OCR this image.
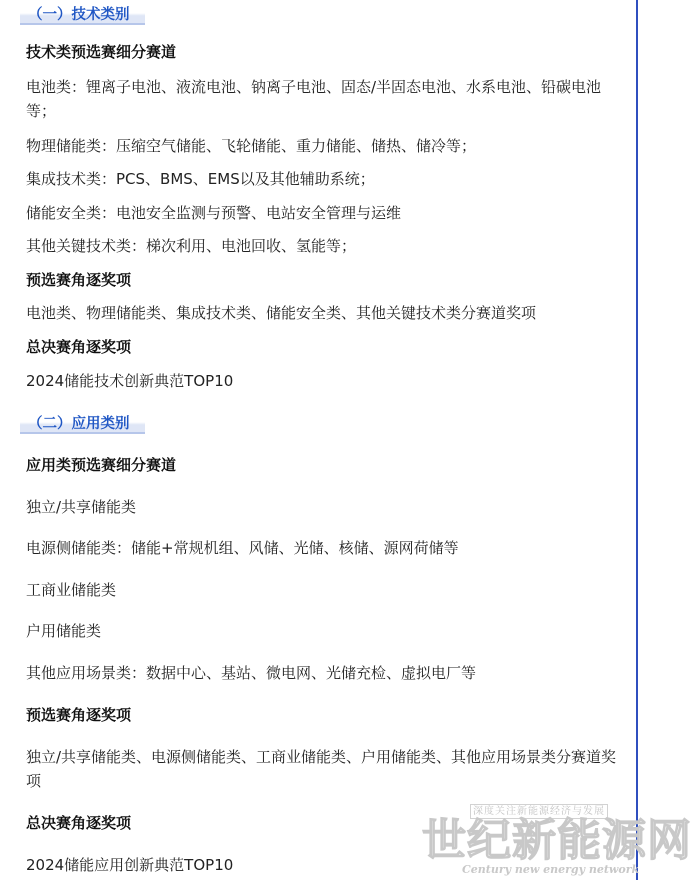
（一）技术类别
技术类预选赛细分赛道
电池类：锂离子电池、液流电池、钠离子电池、固态/半固态电池、水系电池、铅碳电池等；
物理储能类：压缩空气储能、飞轮储能、重力储能、储热、储冷等；
集成技术类：PCS、BMS、EMS以及其他辅助系统；
储能安全类：电池安全监测与预警、电站安全管理与运维
其他关键技术类：梯次利用、电池回收、氢能等；
预选赛角逐奖项
电池类、物理储能类、集成技术类、储能安全类、其他关键技术类分赛道奖项
总决赛角逐奖项
2024储能技术创新典范TOP10
（二）应用类别
应用类预选赛细分赛道
独立/共享储能类
电源侧储能类：储能+常规机组、风储、光储、核储、源网荷储等
工商业储能类
户用储能类
其他应用场景类：数据中心、基站、微电网、光储充检、虚拟电厂等
预选赛角逐奖项
独立/共享储能类、电源侧储能类、工商业储能类、户用储能类、其他应用场景类分赛道奖项
总决赛角逐奖项
2024储能应用创新典范TOP10
深度关注新能源经济与发展
世纪新能源网
Century new energy network
